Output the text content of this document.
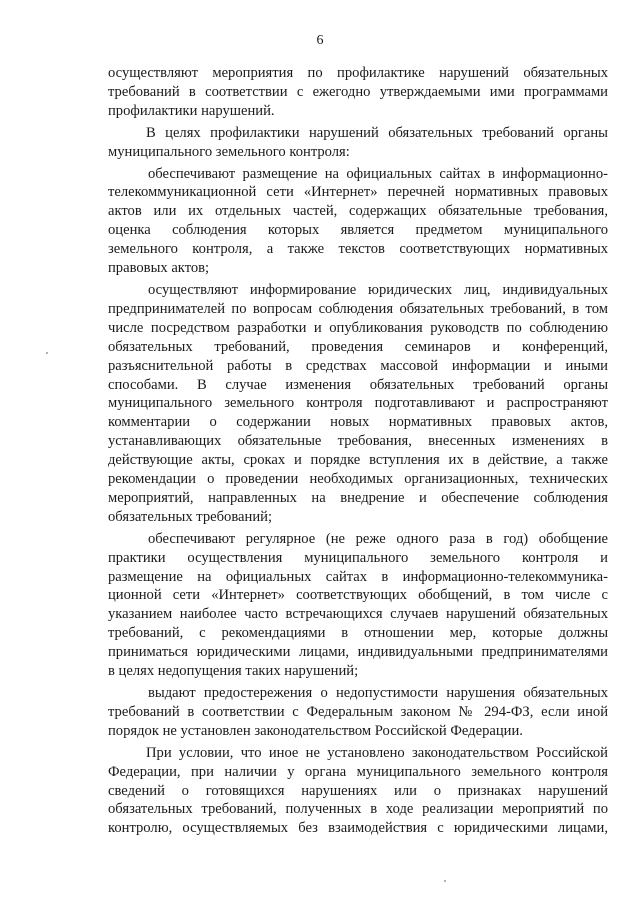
6

осуществляют мероприятия по профилактике нарушений обязательных

требований в соответствии с ежегодно утверждаемыми ими программами

профилактики нарушений.

В целях профилактики нарушений обязательных требований органы

муниципального земельного контроля:

обеспечивают размещение на официальных сайтах в информационно-

телекоммуникационной сети «Интернет» перечней нормативных правовых

актов или их отдельных частей, содержащих обязательные требования,

оценка соблюдения которых является предметом муниципального

земельного контроля, а также текстов соответствующих нормативных

правовых актов;

осуществляют информирование юридических лиц, индивидуальных

предпринимателей по вопросам соблюдения обязательных требований, в том

числе посредством разработки и опубликования руководств по соблюдению

обязательных требований, проведения семинаров и конференций,

разъяснительной работы в средствах массовой информации и иными

способами. В случае изменения обязательных требований органы

муниципального земельного контроля подготавливают и распространяют

комментарии о содержании новых нормативных правовых актов,

устанавливающих обязательные требования, внесенных изменениях в

действующие акты, сроках и порядке вступления их в действие, а также

рекомендации о проведении необходимых организационных, технических

мероприятий, направленных на внедрение и обеспечение соблюдения

обязательных требований;

обеспечивают регулярное (не реже одного раза в год) обобщение

практики осуществления муниципального земельного контроля и

размещение на официальных сайтах в информационно-телекоммуника-

ционной сети «Интернет» соответствующих обобщений, в том числе с

указанием наиболее часто встречающихся случаев нарушений обязательных

требований, с рекомендациями в отношении мер, которые должны

приниматься юридическими лицами, индивидуальными предпринимателями

в целях недопущения таких нарушений;

выдают предостережения о недопустимости нарушения обязательных

требований в соответствии с Федеральным законом № 294-ФЗ, если иной

порядок не установлен законодательством Российской Федерации.

При условии, что иное не установлено законодательством Российской

Федерации, при наличии у органа муниципального земельного контроля

сведений о готовящихся нарушениях или о признаках нарушений

обязательных требований, полученных в ходе реализации мероприятий по

контролю, осуществляемых без взаимодействия с юридическими лицами,
